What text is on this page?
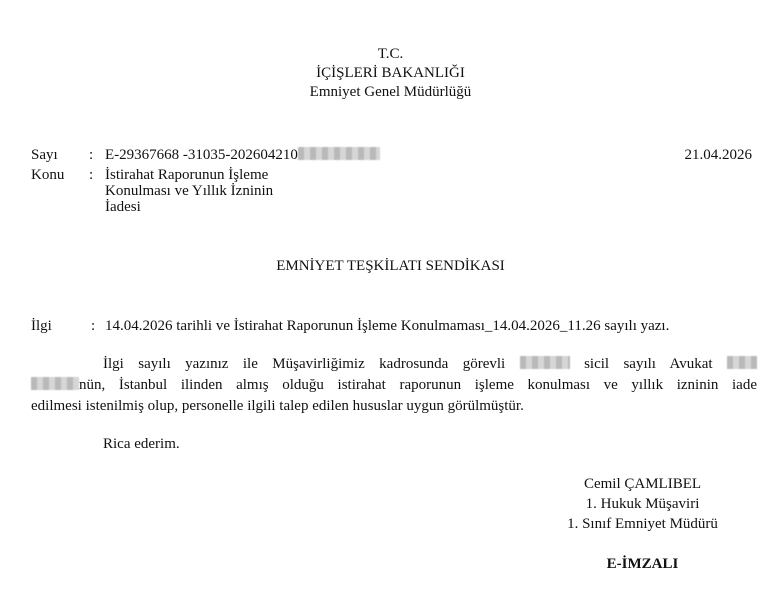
T.C.
İÇİŞLERİ BAKANLIĞI
Emniyet Genel Müdürlüğü
Sayı : E-29367668 -31035-202604210	21.04.2026
Konu : İstirahat Raporunun İşleme
Konulması ve Yıllık İzninin
İadesi
EMNİYET TEŞKİLATI SENDİKASI
İlgi	: 14.04.2026 tarihli ve İstirahat Raporunun İşleme Konulmaması_14.04.2026_11.26 sayılı yazı.
İlgi sayılı yazınız ile Müşavirliğimiz kadrosunda görevli	sicil sayılı Avukat
nün, İstanbul ilinden almış olduğu istirahat raporunun işleme konulması ve yıllık izninin iade
edilmesi istenilmiş olup, personelle ilgili talep edilen hususlar uygun görülmüştür.
Rica ederim.
Cemil ÇAMLIBEL
1. Hukuk Müşaviri
1. Sınıf Emniyet Müdürü
E-İMZALI
